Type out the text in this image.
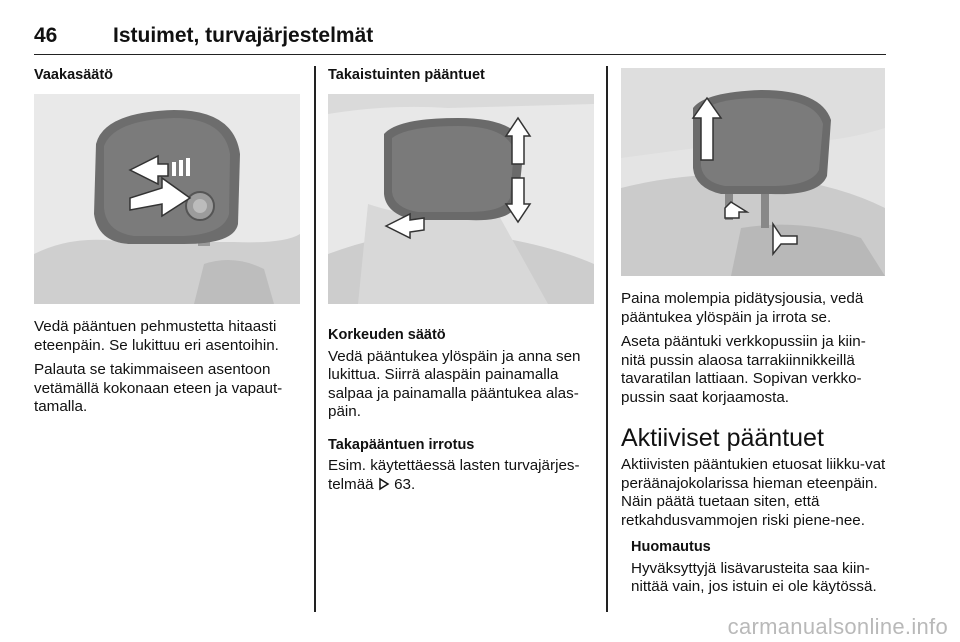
46	Istuimet, turvajärjestelmät
Vaakasäätö

Vedä pääntuen pehmustetta hitaasti eteenpäin. Se lukittuu eri asentoihin.

Palauta se takimmaiseen asentoon vetämällä kokonaan eteen ja vapaut-tamalla.

Takaistuinten pääntuet
Korkeuden säätö

Vedä pääntukea ylöspäin ja anna sen lukittua. Siirrä alaspäin painamalla salpaa ja painamalla pääntukea alas-päin.

Takapääntuen irrotus

Esim. käytettäessä lasten turvajärjes-telmää 63.

Paina molempia pidätysjousia, vedä pääntukea ylöspäin ja irrota se.

Aseta pääntuki verkkopussiin ja kiin-nitä pussin alaosa tarrakiinnikkeillä tavaratilan lattiaan. Sopivan verkko-pussin saat korjaamosta.

Aktiiviset pääntuet

Aktiivisten pääntukien etuosat liikku-vat peräänajokolarissa hieman eteenpäin. Näin päätä tuetaan siten, että retkahdusvammojen riski piene-nee.

Huomautus

Hyväksyttyjä lisävarusteita saa kiin-nittää vain, jos istuin ei ole käytössä.

carmanualsonline.info
